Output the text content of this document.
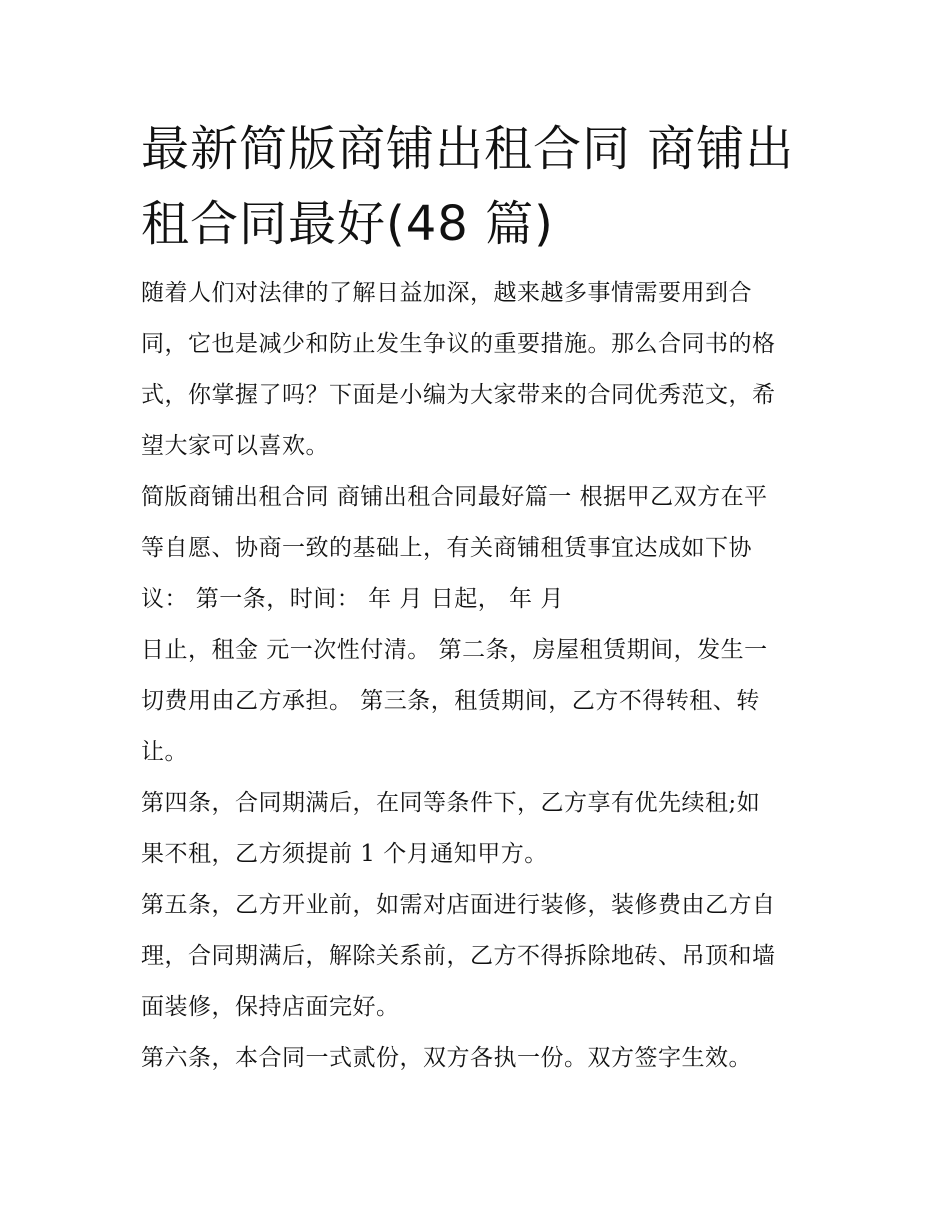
最新简版商铺出租合同 商铺出
租合同最好(48 篇)

随着人们对法律的了解日益加深，越来越多事情需要用到合
同，它也是减少和防止发生争议的重要措施。那么合同书的格
式，你掌握了吗？下面是小编为大家带来的合同优秀范文，希
望大家可以喜欢。

简版商铺出租合同 商铺出租合同最好篇一 根据甲乙双方在平
等自愿、协商一致的基础上，有关商铺租赁事宜达成如下协
议： 第一条，时间： 年 月 日起， 年 月

日止，租金 元一次性付清。 第二条，房屋租赁期间，发生一
切费用由乙方承担。 第三条，租赁期间，乙方不得转租、转
让。

第四条，合同期满后，在同等条件下，乙方享有优先续租;如
果不租，乙方须提前 1 个月通知甲方。

第五条，乙方开业前，如需对店面进行装修，装修费由乙方自
理，合同期满后，解除关系前，乙方不得拆除地砖、吊顶和墙
面装修，保持店面完好。

第六条，本合同一式贰份，双方各执一份。双方签字生效。
